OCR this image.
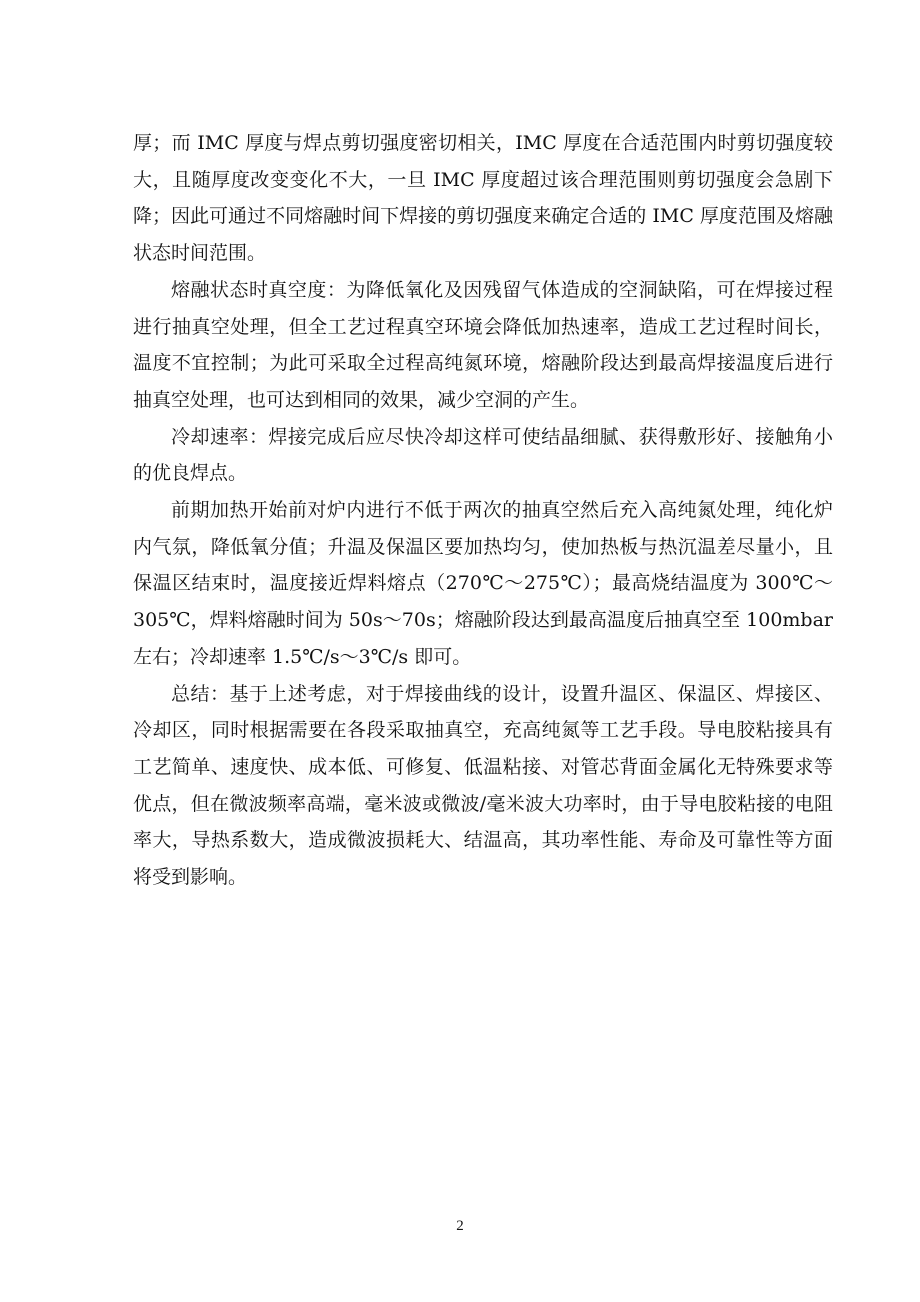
厚；而 IMC 厚度与焊点剪切强度密切相关，IMC 厚度在合适范围内时剪切强度较大，且随厚度改变变化不大，一旦 IMC 厚度超过该合理范围则剪切强度会急剧下降；因此可通过不同熔融时间下焊接的剪切强度来确定合适的 IMC 厚度范围及熔融状态时间范围。

熔融状态时真空度：为降低氧化及因残留气体造成的空洞缺陷，可在焊接过程进行抽真空处理，但全工艺过程真空环境会降低加热速率，造成工艺过程时间长，温度不宜控制；为此可采取全过程高纯氮环境，熔融阶段达到最高焊接温度后进行抽真空处理，也可达到相同的效果，减少空洞的产生。

冷却速率：焊接完成后应尽快冷却这样可使结晶细腻、获得敷形好、接触角小的优良焊点。

前期加热开始前对炉内进行不低于两次的抽真空然后充入高纯氮处理，纯化炉内气氛，降低氧分值；升温及保温区要加热均匀，使加热板与热沉温差尽量小，且保温区结束时，温度接近焊料熔点（270℃～275℃）；最高烧结温度为 300℃～305℃，焊料熔融时间为 50s～70s；熔融阶段达到最高温度后抽真空至 100mbar 左右；冷却速率 1.5℃/s～3℃/s 即可。

总结：基于上述考虑，对于焊接曲线的设计，设置升温区、保温区、焊接区、冷却区，同时根据需要在各段采取抽真空，充高纯氮等工艺手段。导电胶粘接具有工艺简单、速度快、成本低、可修复、低温粘接、对管芯背面金属化无特殊要求等优点，但在微波频率高端，毫米波或微波/毫米波大功率时，由于导电胶粘接的电阻率大，导热系数大，造成微波损耗大、结温高，其功率性能、寿命及可靠性等方面将受到影响。

2
